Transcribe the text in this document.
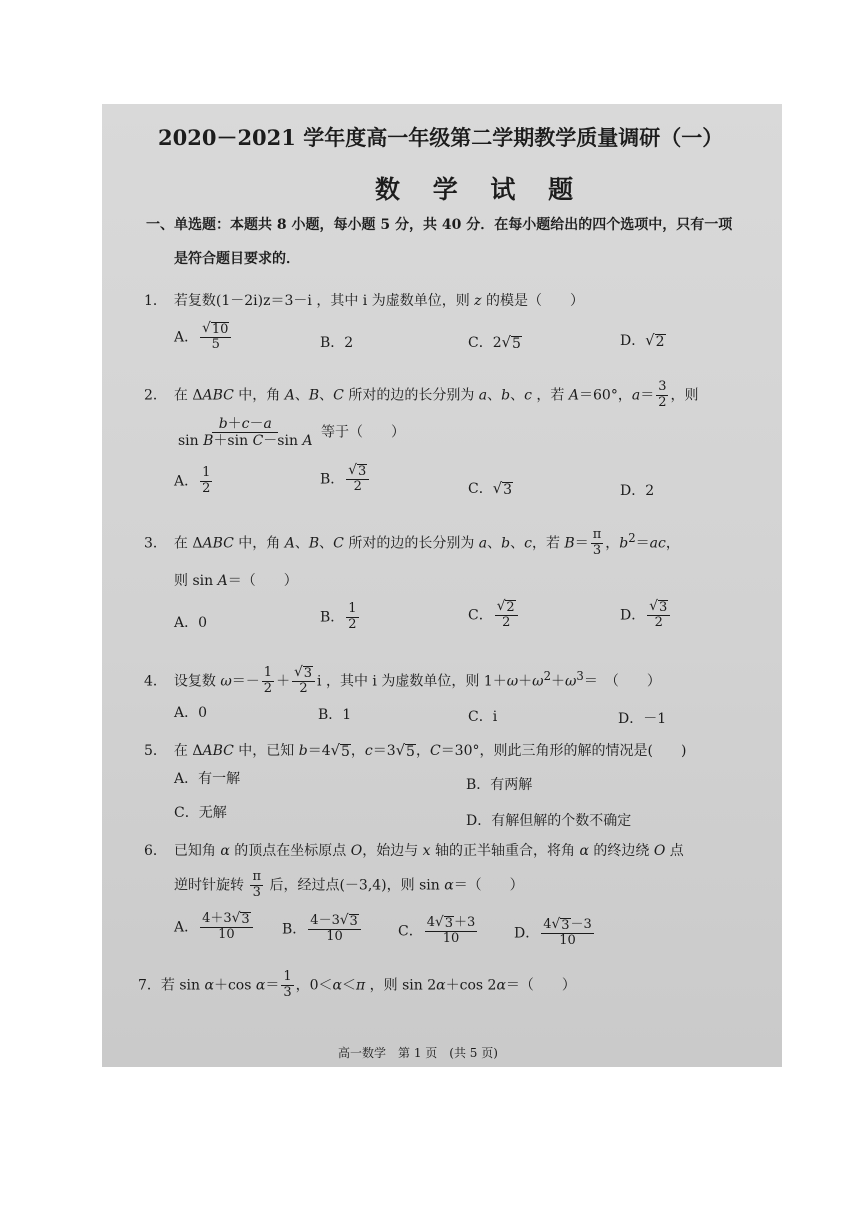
2020－2021 学年度高一年级第二学期教学质量调研（一）
数 学 试 题
一、单选题：本题共 8 小题，每小题 5 分，共 40 分．在每小题给出的四个选项中，只有一项
是符合题目要求的．
1．　若复数(1－2i)z＝3－i ，其中 i 为虚数单位，则 z 的模是（　　）
A． $\frac{√ 10}{5}$	B．2	C．2 √ 5	D． √ 2
2．　在 ΔABC 中，角 A、B、C 所对的边的长分别为 a、b、c ，若 A＝60°，$a= \frac{3}{2}$ ，则
$\frac{b+c-a}{\text{sin B＋sin C－sin A}}$ 等于（　　）
A． $\frac{1}{2}$	B． $\frac{√ 3}{2}$	C． √ 3	D．2
3．　在 ΔABC 中，角 A、B、C 所对的边的长分别为 a、b、c，若 $B= \frac{\pi}{3}$ ，$b^2=ac$，
则 sin A＝（　　）
A．0	B． $\frac{1}{2}$	C． $\frac{√ 2}{2}$	D． $\frac{√ 3}{2}$
4．　设复数 $\omega=- \frac{1}{2} + \frac{√ 3}{2}$ i ，其中 i 为虚数单位，则 $1+\omega+\omega^2+\omega^3=$　（　　）
A．0	B．1	C．i	D．－1
5．　在 ΔABC 中，已知 b＝4 √ 5 ，c＝3 √ 5 ，C＝30°，则此三角形的解的情况是(　　)
A．有一解	B．有两解
C．无解	D．有解但解的个数不确定
6．　已知角 α 的顶点在坐标原点 O，始边与 x 轴的正半轴重合，将角 α 的终边绕 O 点
逆时针旋转 $\frac{\pi}{3}$ 后，经过点(－3,4)，则 sin α＝（　　）
A． $\frac{4+3 √ 3}{10}$ B． $\frac{4-3 √ 3}{10}$	C． $\frac{4 √ 3 +3}{10}$	D． $\frac{4 √ 3 -3}{10}$
7．若 sin α＋cos $\alpha= \frac{1}{3}$ ，0＜α＜π ，则 sin 2α＋cos 2α＝（　　）
高一数学　第 1 页　(共 5 页)
